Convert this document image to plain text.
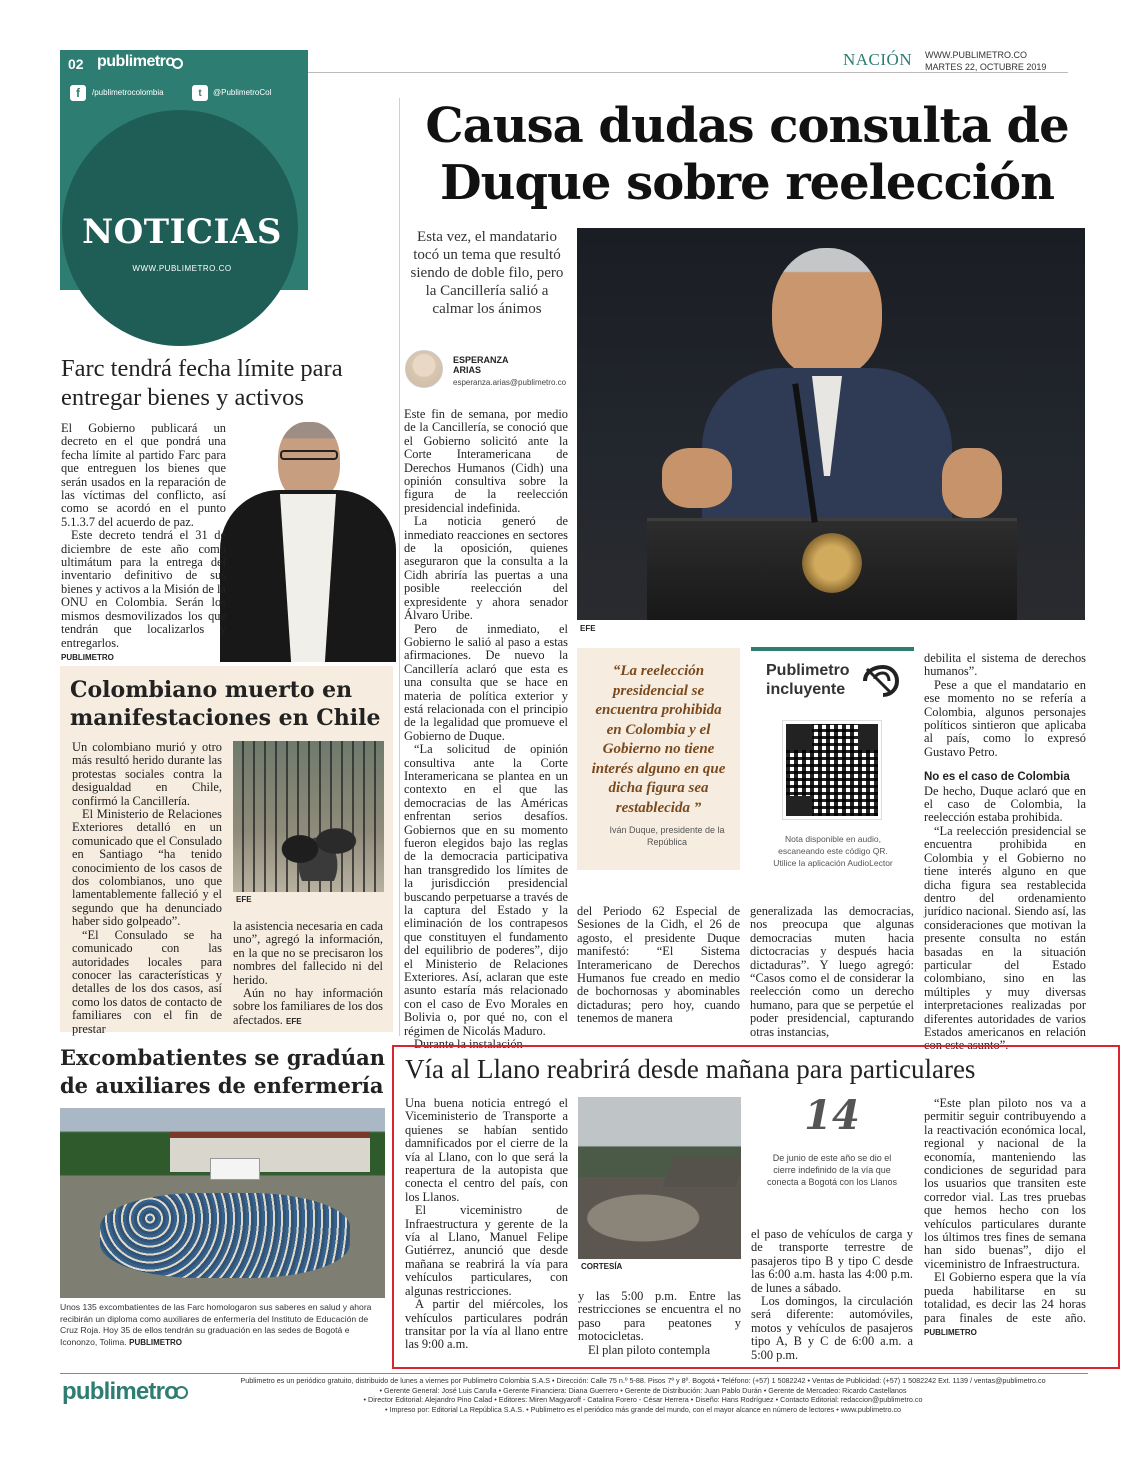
02 publimetro
f	/publimetrocolombia	t	@PublimetroCol
NOTICIAS
WWW.PUBLIMETRO.CO
NACIÓN WWW.PUBLIMETRO.CO
MARTES 22, OCTUBRE 2019
Causa dudas consulta de
Duque sobre reelección
Esta vez, el mandatario tocó un tema que resultó siendo de doble filo, pero la Cancillería salió a calmar los ánimos
ESPERANZA
ARIAS
esperanza.arias@publimetro.co
EFE

Este fin de semana, por medio de la Cancillería, se conoció que el Gobierno solicitó ante la Corte Interamericana de Derechos Humanos (Cidh) una opinión consultiva sobre la figura de la reelección presidencial indefinida.

La noticia generó de inmediato reacciones en sectores de la oposición, quienes aseguraron que la consulta a la Cidh abriría las puertas a una posible reelección del expresidente y ahora senador Álvaro Uribe.

Pero de inmediato, el Gobierno le salió al paso a estas afirmaciones. De nuevo la Cancillería aclaró que esta es una consulta que se hace en materia de política exterior y está relacionada con el principio de la legalidad que promueve el Gobierno de Duque.

“La solicitud de opinión consultiva ante la Corte Interamericana se plantea en un contexto en el que las democracias de las Américas enfrentan serios desafíos. Gobiernos que en su momento fueron elegidos bajo las reglas de la democracia participativa han transgredido los límites de la jurisdicción presidencial buscando perpetuarse a través de la captura del Estado y la eliminación de los contrapesos que constituyen el fundamento del equilibrio de poderes”, dijo el Ministerio de Relaciones Exteriores. Así, aclaran que este asunto estaría más relacionado con el caso de Evo Morales en Bolivia o, por qué no, con el régimen de Nicolás Maduro.

Durante la instalación

“La reelección presidencial se encuentra prohibida en Colombia y el Gobierno no tiene interés alguno en que dicha figura sea restablecida ”
Iván Duque, presidente de la República
Publimetro
incluyente
Nota disponible en audio, escaneando este código QR. Utilice la aplicación AudioLector
del Periodo 62 Especial de Sesiones de la Cidh, el 26 de agosto, el presidente Duque manifestó: “El Sistema Interamericano de Derechos Humanos fue creado en medio de bochornosas y abominables dictaduras; pero hoy, cuando tenemos de manera
generalizada las democracias, nos preocupa que algunas democracias muten hacia dictocracias y después hacia dictaduras”. Y luego agregó: “Casos como el de considerar la reelección como un derecho humano, para que se perpetúe el poder presidencial, capturando otras instancias,

debilita el sistema de derechos humanos”.

Pese a que el mandatario en ese momento no se refería a Colombia, algunos personajes políticos sintieron que aplicaba al país, como lo expresó Gustavo Petro.

No es el caso de Colombia

De hecho, Duque aclaró que en el caso de Colombia, la reelección estaba prohibida.

“La reelección presidencial se encuentra prohibida en Colombia y el Gobierno no tiene interés alguno en que dicha figura sea restablecida dentro del ordenamiento jurídico nacional. Siendo así, las consideraciones que motivan la presente consulta no están basadas en la situación particular del Estado colombiano, sino en las múltiples y muy diversas interpretaciones realizadas por diferentes autoridades de varios Estados americanos en relación con este asunto”.

Farc tendrá fecha límite para entregar bienes y activos

El Gobierno publicará un decreto en el que pondrá una fecha límite al partido Farc para que entreguen los bienes que serán usados en la reparación de las víctimas del conflicto, así como se acordó en el punto 5.1.3.7 del acuerdo de paz.

Este decreto tendrá el 31 de diciembre de este año como ultimátum para la entrega del inventario definitivo de sus bienes y activos a la Misión de la ONU en Colombia. Serán los mismos desmovilizados los que tendrán que localizarlos y entregarlos.

PUBLIMETRO
Colombiano muerto en manifestaciones en Chile

Un colombiano murió y otro más resultó herido durante las protestas sociales contra la desigualdad en Chile, confirmó la Cancillería.

El Ministerio de Relaciones Exteriores detalló en un comunicado que el Consulado en Santiago “ha tenido conocimiento de los casos de dos colombianos, uno que lamentablemente falleció y el segundo que ha denunciado haber sido golpeado”.

“El Consulado se ha comunicado con las autoridades locales para conocer las características y detalles de los dos casos, así como los datos de contacto de familiares con el fin de prestar

EFE

la asistencia necesaria en cada uno”, agregó la información, en la que no se precisaron los nombres del fallecido ni del herido.

Aún no hay información sobre los familiares de los dos afectados. EFE

Excombatientes se gradúan de auxiliares de enfermería
Unos 135 excombatientes de las Farc homologaron sus saberes en salud y ahora recibirán un diploma como auxiliares de enfermería del Instituto de Educación de Cruz Roja. Hoy 35 de ellos tendrán su graduación en las sedes de Bogotá e Icononzo, Tolima. PUBLIMETRO
Vía al Llano reabrirá desde mañana para particulares

Una buena noticia entregó el Viceministerio de Transporte a quienes se habían sentido damnificados por el cierre de la vía al Llano, con lo que será la reapertura de la autopista que conecta el centro del país, con los Llanos.

El viceministro de Infraestructura y gerente de la vía al Llano, Manuel Felipe Gutiérrez, anunció que desde mañana se reabrirá la vía para vehículos particulares, con algunas restricciones.

A partir del miércoles, los vehículos particulares podrán transitar por la vía al llano entre las 9:00 a.m.

CORTESÍA

y las 5:00 p.m. Entre las restricciones se encuentra el no paso para peatones y motocicletas.

El plan piloto contempla

14
De junio de este año se dio el cierre indefinido de la vía que conecta a Bogotá con los Llanos

el paso de vehículos de carga y de transporte terrestre de pasajeros tipo B y tipo C desde las 6:00 a.m. hasta las 4:00 p.m. de lunes a sábado.

Los domingos, la circulación será diferente: automóviles, motos y vehículos de pasajeros tipo A, B y C de 6:00 a.m. a 5:00 p.m.

“Este plan piloto nos va a permitir seguir contribuyendo a la reactivación económica local, regional y nacional de la economía, manteniendo las condiciones de seguridad para los usuarios que transiten este corredor vial. Las tres pruebas que hemos hecho con los vehículos particulares durante los últimos tres fines de semana han sido buenas”, dijo el viceministro de Infraestructura.

El Gobierno espera que la vía pueda habilitarse en su totalidad, es decir las 24 horas para finales de este año. PUBLIMETRO

publimetro	Publimetro es un periódico gratuito, distribuido de lunes a viernes por Publimetro Colombia S.A.S • Dirección: Calle 75 n.º 5-88. Pisos 7º y 8º. Bogotá • Teléfono: (+57) 1 5082242 • Ventas de Publicidad: (+57) 1 5082242 Ext. 1139 / ventas@publimetro.co
• Gerente General: José Luis Carulla • Gerente Financiera: Diana Guerrero • Gerente de Distribución: Juan Pablo Durán • Gerente de Mercadeo: Ricardo Castellanos
• Director Editorial: Alejandro Pino Calad • Editores: Miren Magyaroff - Catalina Forero - César Herrera • Diseño: Hans Rodríguez • Contacto Editorial: redaccion@publimetro.co
• Impreso por: Editorial La República S.A.S. • Publimetro es el periódico más grande del mundo, con el mayor alcance en número de lectores • www.publimetro.co
